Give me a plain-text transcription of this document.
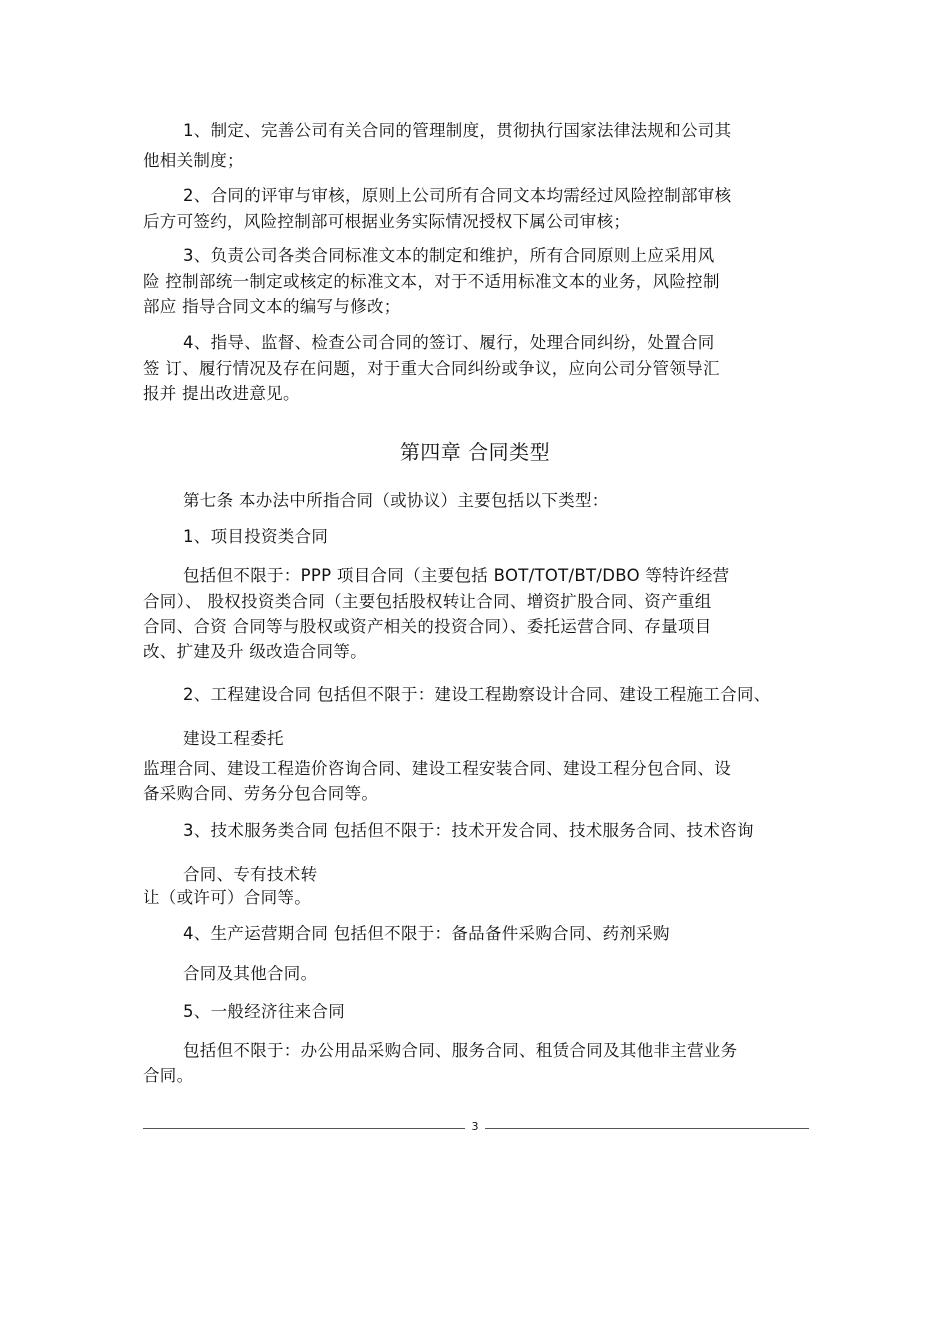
1、制定、完善公司有关合同的管理制度，贯彻执行国家法律法规和公司其
他相关制度；
2、合同的评审与审核，原则上公司所有合同文本均需经过风险控制部审核
后方可签约，风险控制部可根据业务实际情况授权下属公司审核；
3、负责公司各类合同标准文本的制定和维护，所有合同原则上应采用风
险 控制部统一制定或核定的标准文本，对于不适用标准文本的业务，风险控制
部应 指导合同文本的编写与修改；
4、指导、监督、检查公司合同的签订、履行，处理合同纠纷，处置合同
签 订、履行情况及存在问题，对于重大合同纠纷或争议，应向公司分管领导汇
报并 提出改进意见。
第四章 合同类型
第七条 本办法中所指合同（或协议）主要包括以下类型：
1、项目投资类合同
包括但不限于：PPP 项目合同（主要包括 BOT/TOT/BT/DBO 等特许经营
合同）、 股权投资类合同（主要包括股权转让合同、增资扩股合同、资产重组
合同、合资 合同等与股权或资产相关的投资合同）、委托运营合同、存量项目
改、扩建及升 级改造合同等。
2、工程建设合同 包括但不限于：建设工程勘察设计合同、建设工程施工合同、
建设工程委托
监理合同、建设工程造价咨询合同、建设工程安装合同、建设工程分包合同、设
备采购合同、劳务分包合同等。
3、技术服务类合同 包括但不限于：技术开发合同、技术服务合同、技术咨询
合同、专有技术转
让（或许可）合同等。
4、生产运营期合同 包括但不限于：备品备件采购合同、药剂采购
合同及其他合同。
5、一般经济往来合同
包括但不限于：办公用品采购合同、服务合同、租赁合同及其他非主营业务
合同。
3
